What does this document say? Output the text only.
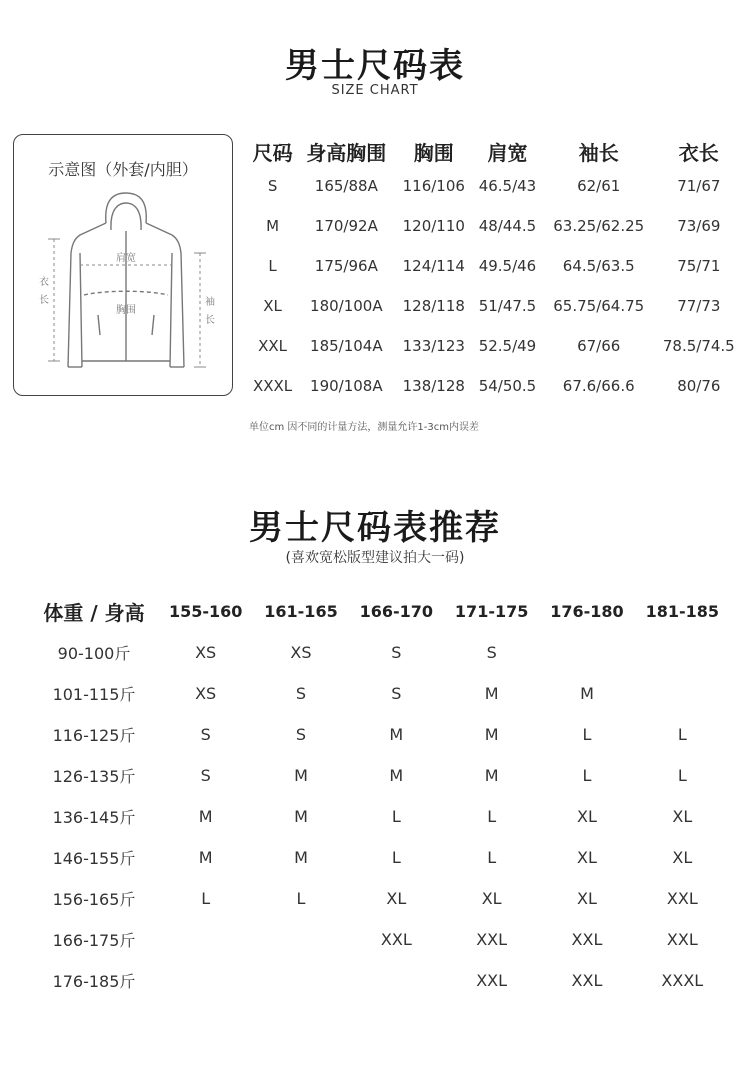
男士尺码表
SIZE CHART
示意图（外套/内胆）
肩宽
胸围
衣
长	袖
长
尺码	身高胸围	胸围	肩宽	袖长	衣长
S	165/88A	116/106	46.5/43	62/61	71/67
M	170/92A	120/110	48/44.5	63.25/62.25	73/69
L	175/96A	124/114	49.5/46	64.5/63.5	75/71
XL	180/100A	128/118	51/47.5	65.75/64.75	77/73
XXL	185/104A	133/123	52.5/49	67/66	78.5/74.5
XXXL	190/108A	138/128	54/50.5	67.6/66.6	80/76
单位cm 因不同的计量方法，测量允许1-3cm内误差
男士尺码表推荐
(喜欢宽松版型建议拍大一码)
体重 / 身高	155-160	161-165	166-170	171-175	176-180	181-185
90-100斤	XS	XS	S	S		
101-115斤	XS	S	S	M	M	
116-125斤	S	S	M	M	L	L
126-135斤	S	M	M	M	L	L
136-145斤	M	M	L	L	XL	XL
146-155斤	M	M	L	L	XL	XL
156-165斤	L	L	XL	XL	XL	XXL
166-175斤			XXL	XXL	XXL	XXL
176-185斤				XXL	XXL	XXXL
